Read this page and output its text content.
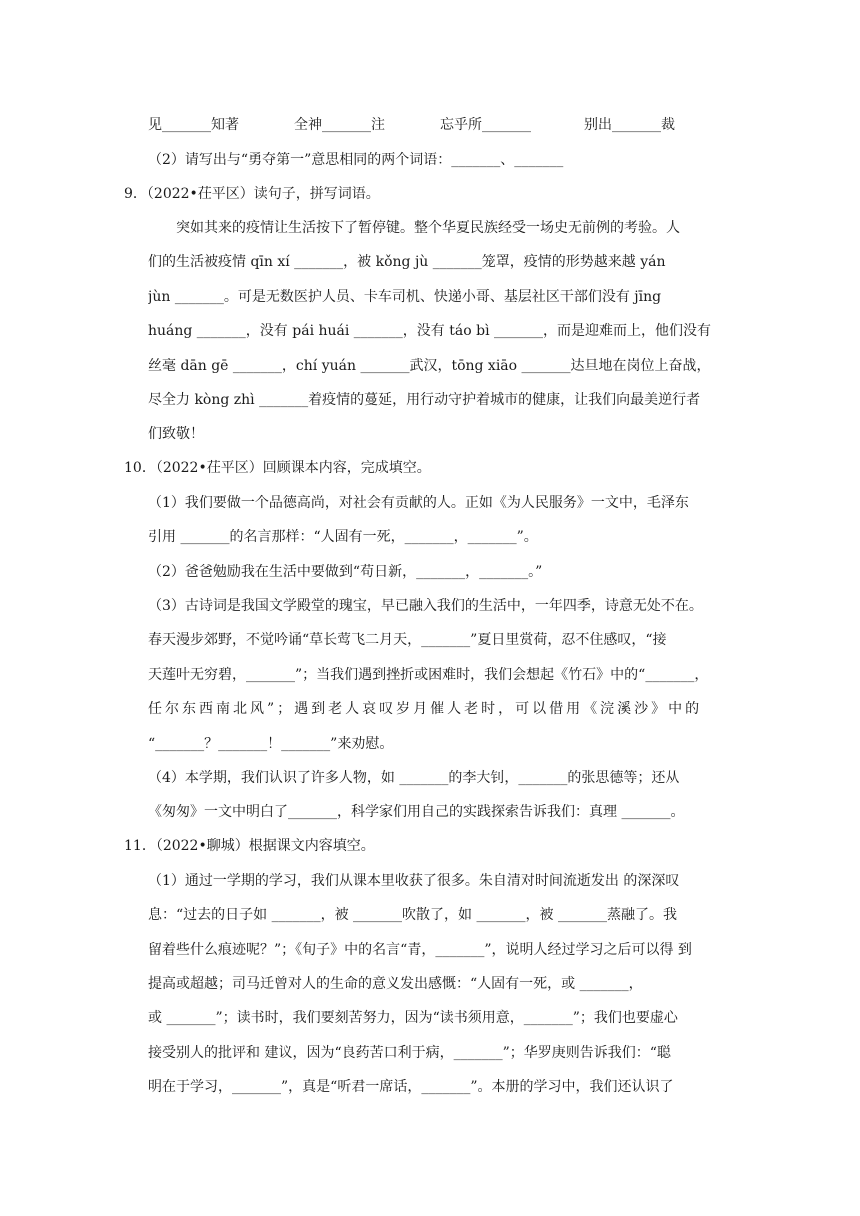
见_______知著	全神_______注	忘乎所_______	别出_______裁
（2）请写出与“勇夺第一”意思相同的两个词语：_______、_______
9．（2022•茌平区）读句子，拼写词语。
突如其来的疫情让生活按下了暂停键。整个华夏民族经受一场史无前例的考验。人
们的生活被疫情 qīn xí _______，被 kǒng jù _______笼罩，疫情的形势越来越 yán
jùn _______。可是无数医护人员、卡车司机、快递小哥、基层社区干部们没有 jīng
huáng _______，没有 pái huái _______，没有 táo bì _______，而是迎难而上，他们没有
丝毫 dān gē _______，chí yuán _______武汉，tōng xiāo _______达旦地在岗位上奋战，
尽全力 kòng zhì _______着疫情的蔓延，用行动守护着城市的健康，让我们向最美逆行者
们致敬！
10．（2022•茌平区）回顾课本内容，完成填空。
（1）我们要做一个品德高尚，对社会有贡献的人。正如《为人民服务》一文中，毛泽东
引用 _______的名言那样：“人固有一死，_______，_______”。
（2）爸爸勉励我在生活中要做到“苟日新，_______，_______。”
（3）古诗词是我国文学殿堂的瑰宝，早已融入我们的生活中，一年四季，诗意无处不在。
春天漫步郊野，不觉吟诵“草长莺飞二月天，_______”夏日里赏荷，忍不住感叹，“接
天莲叶无穷碧，_______”；当我们遇到挫折或困难时，我们会想起《竹石》中的“_______，
任尔东西南北风”；遇到老人哀叹岁月催人老时，可以借用《浣溪沙》中的
“_______？_______！_______”来劝慰。
（4）本学期，我们认识了许多人物，如 _______的李大钊，_______的张思德等；还从
《匆匆》一文中明白了_______，科学家们用自己的实践探索告诉我们：真理 _______。
11．（2022•聊城）根据课文内容填空。
（1）通过一学期的学习，我们从课本里收获了很多。朱自清对时间流逝发出 的深深叹
息：“过去的日子如 _______，被 _______吹散了，如 _______，被 _______蒸融了。我
留着些什么痕迹呢？”；《旬子》中的名言“青，_______”，说明人经过学习之后可以得 到
提高或超越；司马迁曾对人的生命的意义发出感慨：“人固有一死，或 _______，
或 _______”；读书时，我们要刻苦努力，因为“读书须用意，_______”；我们也要虚心
接受别人的批评和 建议，因为“良药苦口利于病，_______”；华罗庚则告诉我们：“聪
明在于学习，_______”，真是“听君一席话，_______”。本册的学习中，我们还认识了
